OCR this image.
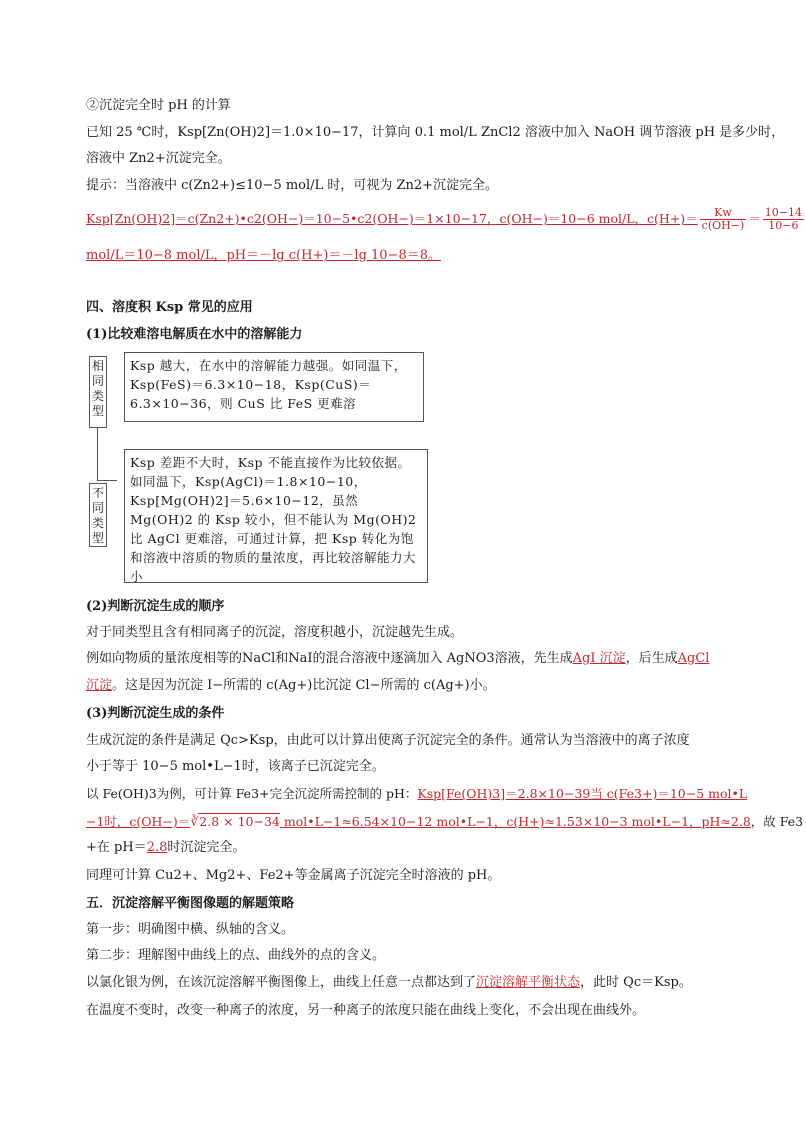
②沉淀完全时 pH 的计算
已知 25 ℃时，Ksp[Zn(OH)2]＝1.0×10−17，计算向 0.1 mol/L ZnCl2 溶液中加入 NaOH 调节溶液 pH 是多少时，
溶液中 Zn2+沉淀完全。
提示：当溶液中 c(Zn2+)≤10−5 mol/L 时，可视为 Zn2+沉淀完全。
Ksp[Zn(OH)2]＝c(Zn2+)•c2(OH−)＝10−5•c2(OH−)＝1×10−17，c(OH−)＝10−6 mol/L，$c(H+)= \frac{Kw}{c(OH-)} = \frac{10-14}{10-6}$
mol/L＝10−8 mol/L，pH＝－lg c(H+)＝－lg 10−8＝8。
四、溶度积 Ksp 常见的应用
(1)比较难溶电解质在水中的溶解能力
相同类型
Ksp 越大，在水中的溶解能力越强。如同温下，Ksp(FeS)＝6.3×10−18，Ksp(CuS)＝6.3×10−36，则 CuS 比 FeS 更难溶
不同类型
Ksp 差距不大时，Ksp 不能直接作为比较依据。如同温下，Ksp(AgCl)＝1.8×10−10，Ksp[Mg(OH)2]＝5.6×10−12，虽然 Mg(OH)2 的 Ksp 较小，但不能认为 Mg(OH)2 比 AgCl 更难溶，可通过计算，把 Ksp 转化为饱和溶液中溶质的物质的量浓度，再比较溶解能力大小
(2)判断沉淀生成的顺序
对于同类型且含有相同离子的沉淀，溶度积越小，沉淀越先生成。
例如向物质的量浓度相等的NaCl和NaI的混合溶液中逐滴加入 AgNO3溶液，先生成AgI 沉淀，后生成AgCl
沉淀。这是因为沉淀 I−所需的 c(Ag+)比沉淀 Cl−所需的 c(Ag+)小。
(3)判断沉淀生成的条件
生成沉淀的条件是满足 Qc>Ksp，由此可以计算出使离子沉淀完全的条件。通常认为当溶液中的离子浓度
小于等于 10−5 mol•L−1时，该离子已沉淀完全。
以 Fe(OH)3为例，可计算 Fe3+完全沉淀所需控制的 pH：Ksp[Fe(OH)3]＝2.8×10−39当 c(Fe3+)＝10−5 mol•L
−1时，c(OH−)＝∛2.8 × 10−34 mol•L−1≈6.54×10−12 mol•L−1，c(H+)≈1.53×10−3 mol•L−1，pH≈2.8，故 Fe3
+在 pH＝2.8时沉淀完全。
同理可计算 Cu2+、Mg2+、Fe2+等金属离子沉淀完全时溶液的 pH。
五．沉淀溶解平衡图像题的解题策略
第一步：明确图中横、纵轴的含义。
第二步：理解图中曲线上的点、曲线外的点的含义。
以氯化银为例，在该沉淀溶解平衡图像上，曲线上任意一点都达到了沉淀溶解平衡状态，此时 Qc＝Ksp。
在温度不变时，改变一种离子的浓度，另一种离子的浓度只能在曲线上变化，不会出现在曲线外。
